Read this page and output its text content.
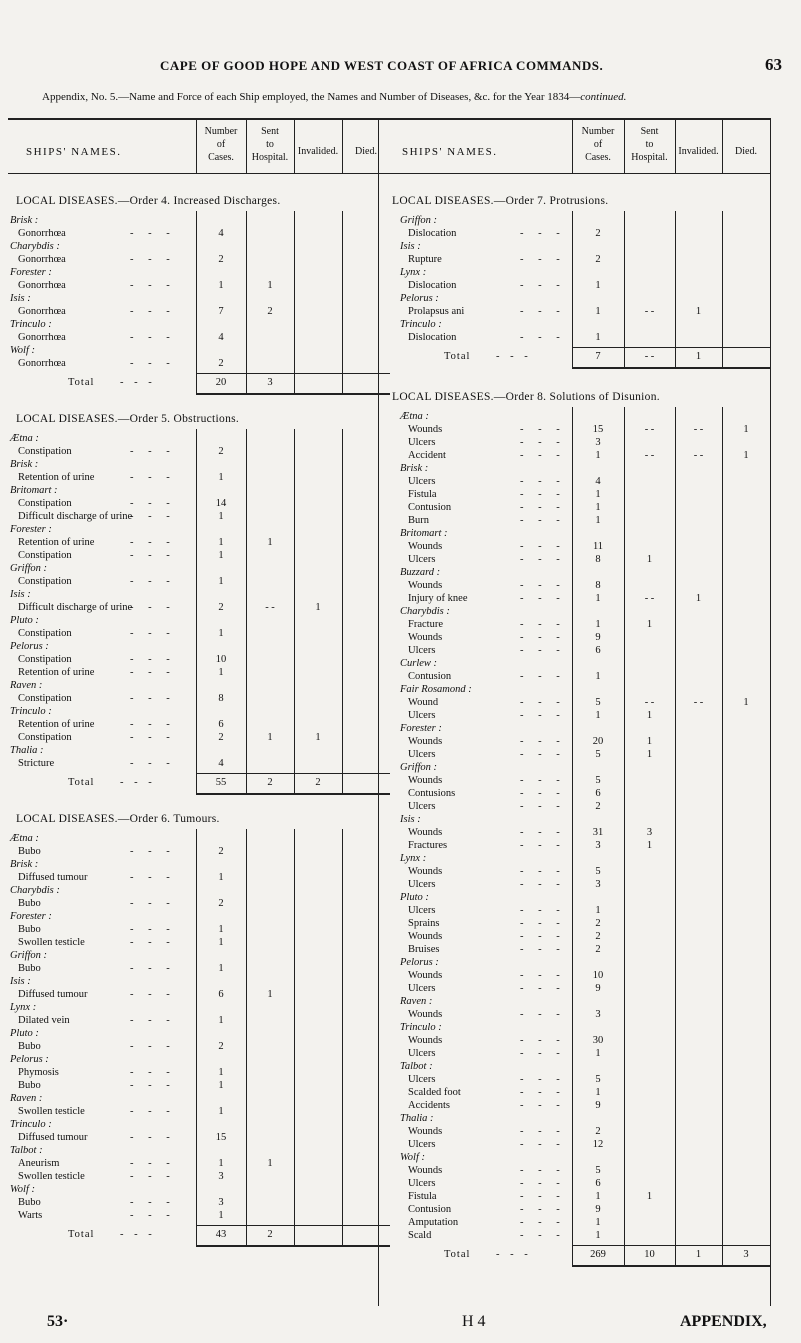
CAPE OF GOOD HOPE AND WEST COAST OF AFRICA COMMANDS.	63
Appendix, No. 5.—Name and Force of each Ship employed, the Names and Number of Diseases, &c. for the Year 1834—continued.
SHIPS' NAMES.
Number
of
Cases.
Sent
to
Hospital.
Invalided.	Died.
LOCAL DISEASES.—Order 4. Increased Discharges.
Brisk :
Gonorrhœa	- - -	4
Charybdis :
Gonorrhœa	- - -	2
Forester :
Gonorrhœa	- - -	1	1
Isis :
Gonorrhœa	- - -	7	2
Trinculo :
Gonorrhœa	- - -	4
Wolf :
Gonorrhœa	- - -	2
Total - - -	20	3
LOCAL DISEASES.—Order 5. Obstructions.
Ætna :
Constipation	- - -	2
Brisk :
Retention of urine	- - -	1
Britomart :
Constipation	- - -	14
Difficult discharge of urine
- - -	1
Forester :
Retention of urine	- - -	1	1
Constipation	- - -	1
Griffon :
Constipation	- - -	1
Isis :
Difficult discharge of urine
- - -	2	- -	1
Pluto :
Constipation	- - -	1
Pelorus :
Constipation	- - -	10
Retention of urine	- - -	1
Raven :
Constipation	- - -	8
Trinculo :
Retention of urine	- - -	6
Constipation	- - -	2	1	1
Thalia :
Stricture	- - -	4
Total - - -	55	2	2
LOCAL DISEASES.—Order 6. Tumours.
Ætna :
Bubo	- - -	2
Brisk :
Diffused tumour	- - -	1
Charybdis :
Bubo	- - -	2
Forester :
Bubo	- - -	1
Swollen testicle	- - -	1
Griffon :
Bubo	- - -	1
Isis :
Diffused tumour	- - -	6	1
Lynx :
Dilated vein	- - -	1
Pluto :
Bubo	- - -	2
Pelorus :
Phymosis	- - -	1
Bubo	- - -	1
Raven :
Swollen testicle	- - -	1
Trinculo :
Diffused tumour	- - -	15
Talbot :
Aneurism	- - -	1	1
Swollen testicle	- - -	3
Wolf :
Bubo	- - -	3
Warts	- - -	1
Total - - -	43	2
SHIPS' NAMES.
Number
of
Cases.
Sent
to
Hospital.
Invalided.	Died.
LOCAL DISEASES.—Order 7. Protrusions.
Griffon :
Dislocation	- - -	2
Isis :
Rupture	- - -	2
Lynx :
Dislocation	- - -	1
Pelorus :
Prolapsus ani	- - -	1	- -	1
Trinculo :
Dislocation	- - -	1
Total - - -	7	- -	1
LOCAL DISEASES.—Order 8. Solutions of Disunion.
Ætna :
Wounds	- - -	15	- -	- -	1
Ulcers	- - -	3
Accident	- - -	1	- -	- -	1
Brisk :
Ulcers	- - -	4
Fistula	- - -	1
Contusion	- - -	1
Burn	- - -	1
Britomart :
Wounds	- - -	11
Ulcers	- - -	8	1
Buzzard :
Wounds	- - -	8
Injury of knee	- - -	1	- -	1
Charybdis :
Fracture	- - -	1	1
Wounds	- - -	9
Ulcers	- - -	6
Curlew :
Contusion	- - -	1
Fair Rosamond :
Wound	- - -	5	- -	- -	1
Ulcers	- - -	1	1
Forester :
Wounds	- - -	20	1
Ulcers	- - -	5	1
Griffon :
Wounds	- - -	5
Contusions	- - -	6
Ulcers	- - -	2
Isis :
Wounds	- - -	31	3
Fractures	- - -	3	1
Lynx :
Wounds	- - -	5
Ulcers	- - -	3
Pluto :
Ulcers	- - -	1
Sprains	- - -	2
Wounds	- - -	2
Bruises	- - -	2
Pelorus :
Wounds	- - -	10
Ulcers	- - -	9
Raven :
Wounds	- - -	3
Trinculo :
Wounds	- - -	30
Ulcers	- - -	1
Talbot :
Ulcers	- - -	5
Scalded foot	- - -	1
Accidents	- - -	9
Thalia :
Wounds	- - -	2
Ulcers	- - -	12
Wolf :
Wounds	- - -	5
Ulcers	- - -	6
Fistula	- - -	1	1
Contusion	- - -	9
Amputation	- - -	1
Scald	- - -	1
Total - - -	269	10	1	3
53·	H 4	APPENDIX,
